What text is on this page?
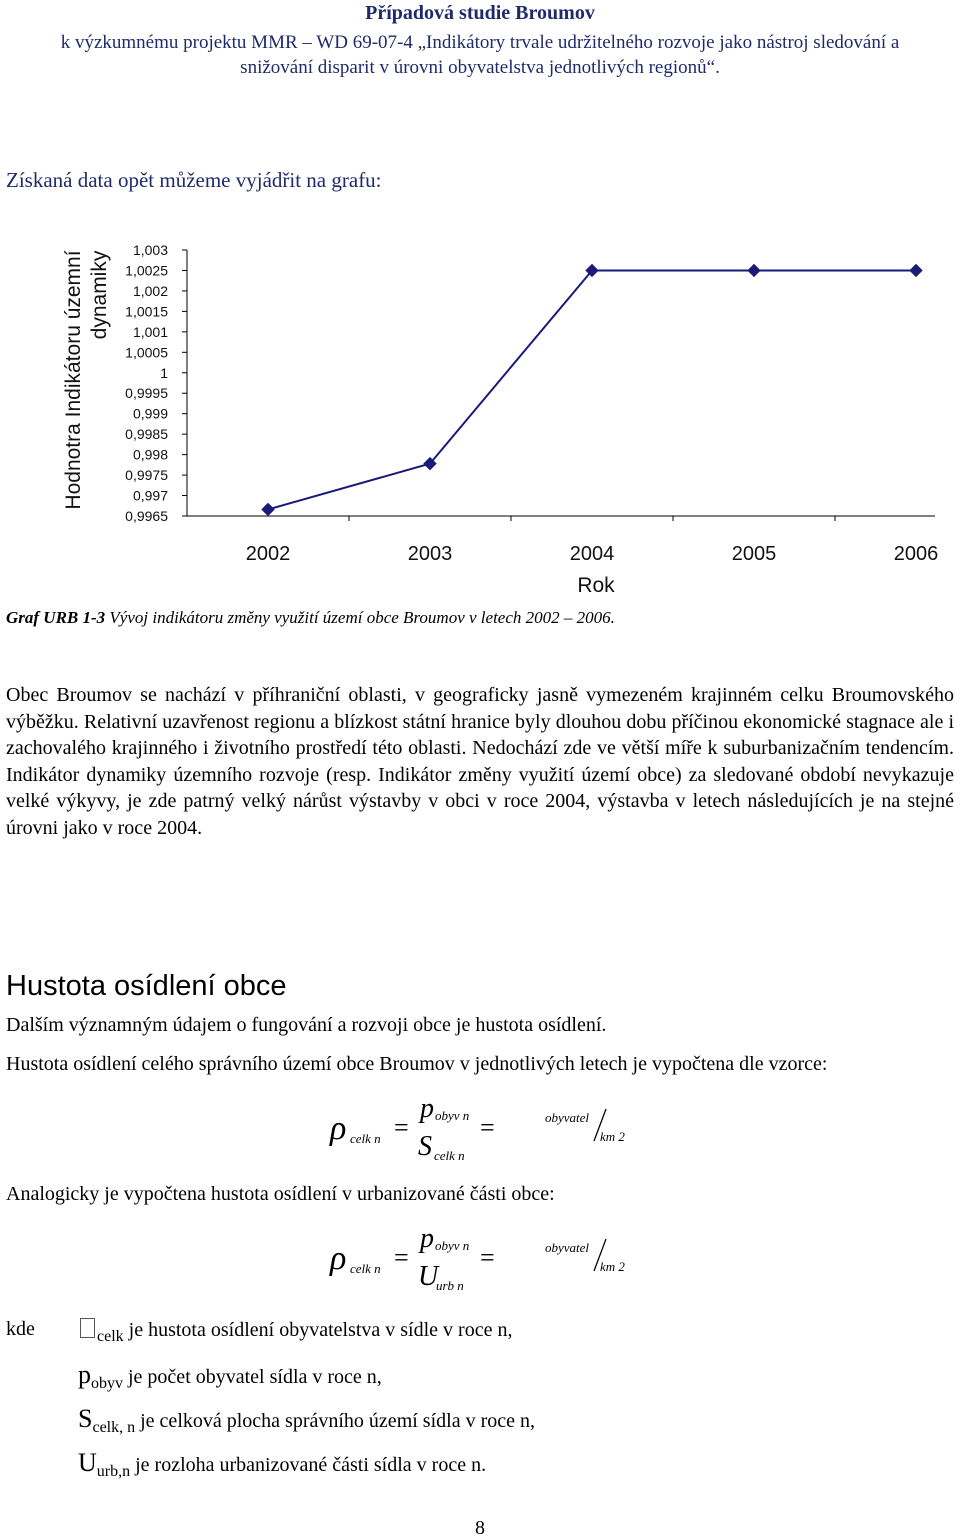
Případová studie Broumov
k výzkumnému projektu MMR – WD 69-07-4 „Indikátory trvale udržitelného rozvoje jako nástroj sledování a
snižování disparit v úrovni obyvatelstva jednotlivých regionů“.
Získaná data opět můžeme vyjádřit na grafu:
1,003
1,0025
1,002
1,0015
1,001
1,0005
1
0,9995
0,999
0,9985
0,998
0,9975
0,997
0,9965
2002	2003	2004	2005	2006
Rok
Hodnotra Indikátoru územní dynamiky
Graf URB 1-3 Vývoj indikátoru změny využití území obce Broumov v letech 2002 – 2006.
Obec Broumov se nachází v příhraniční oblasti, v geograficky jasně vymezeném krajinném celku Broumovského výběžku. Relativní uzavřenost regionu a blízkost státní hranice byly dlouhou dobu příčinou ekonomické stagnace ale i zachovalého krajinného i životního prostředí této oblasti. Nedochází zde ve větší míře k suburbanizačním tendencím. Indikátor dynamiky územního rozvoje (resp. Indikátor změny využití území obce) za sledované období nevykazuje velké výkyvy, je zde patrný velký nárůst výstavby v obci v roce 2004, výstavba v letech následujících je na stejné úrovni jako v roce 2004.
Hustota osídlení obce
Dalším významným údajem o fungování a rozvoji obce je hustota osídlení.
Hustota osídlení celého správního území obce Broumov v jednotlivých letech je vypočtena dle vzorce:
ρ celk n =
p obyv n
S celk n
=	obyvatel
km 2
Analogicky je vypočtena hustota osídlení v urbanizované části obce:
ρ celk n =
p obyv n
U
urb n
=	obyvatel
km 2
kde	$_{celk}$ je hustota osídlení obyvatelstva v sídle v roce n,
$p_{obyv}$ je počet obyvatel sídla v roce n,
$S_{celk, n}$ je celková plocha správního území sídla v roce n,
$U_{urb,n}$ je rozloha urbanizované části sídla v roce n.
8
